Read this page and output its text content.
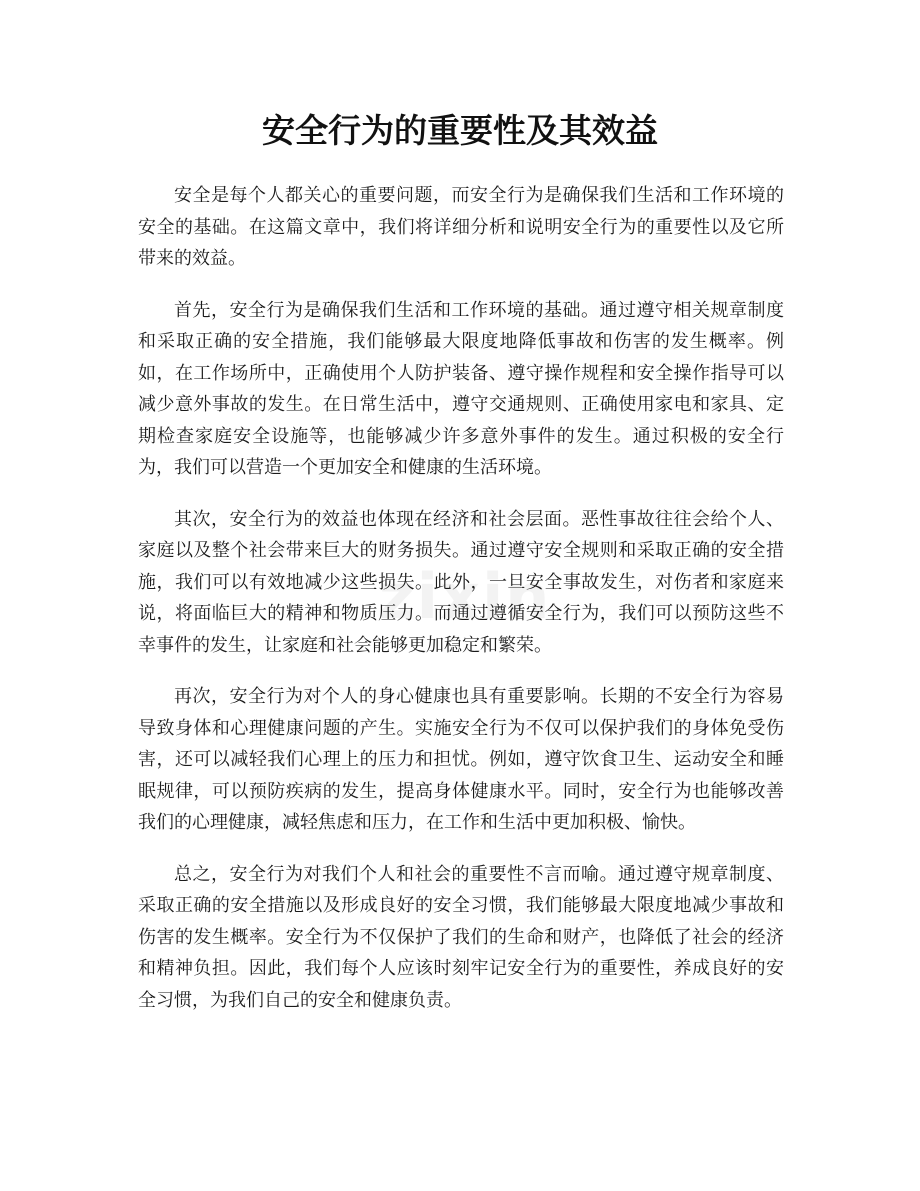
安全行为的重要性及其效益
zixin

安全是每个人都关心的重要问题，而安全行为是确保我们生活和工作环境的安全的基础。在这篇文章中，我们将详细分析和说明安全行为的重要性以及它所带来的效益。

首先，安全行为是确保我们生活和工作环境的基础。通过遵守相关规章制度和采取正确的安全措施，我们能够最大限度地降低事故和伤害的发生概率。例如，在工作场所中，正确使用个人防护装备、遵守操作规程和安全操作指导可以减少意外事故的发生。在日常生活中，遵守交通规则、正确使用家电和家具、定期检查家庭安全设施等，也能够减少许多意外事件的发生。通过积极的安全行为，我们可以营造一个更加安全和健康的生活环境。

其次，安全行为的效益也体现在经济和社会层面。恶性事故往往会给个人、家庭以及整个社会带来巨大的财务损失。通过遵守安全规则和采取正确的安全措施，我们可以有效地减少这些损失。此外，一旦安全事故发生，对伤者和家庭来说，将面临巨大的精神和物质压力。而通过遵循安全行为，我们可以预防这些不幸事件的发生，让家庭和社会能够更加稳定和繁荣。

再次，安全行为对个人的身心健康也具有重要影响。长期的不安全行为容易导致身体和心理健康问题的产生。实施安全行为不仅可以保护我们的身体免受伤害，还可以减轻我们心理上的压力和担忧。例如，遵守饮食卫生、运动安全和睡眠规律，可以预防疾病的发生，提高身体健康水平。同时，安全行为也能够改善我们的心理健康，减轻焦虑和压力，在工作和生活中更加积极、愉快。

总之，安全行为对我们个人和社会的重要性不言而喻。通过遵守规章制度、采取正确的安全措施以及形成良好的安全习惯，我们能够最大限度地减少事故和伤害的发生概率。安全行为不仅保护了我们的生命和财产，也降低了社会的经济和精神负担。因此，我们每个人应该时刻牢记安全行为的重要性，养成良好的安全习惯，为我们自己的安全和健康负责。
